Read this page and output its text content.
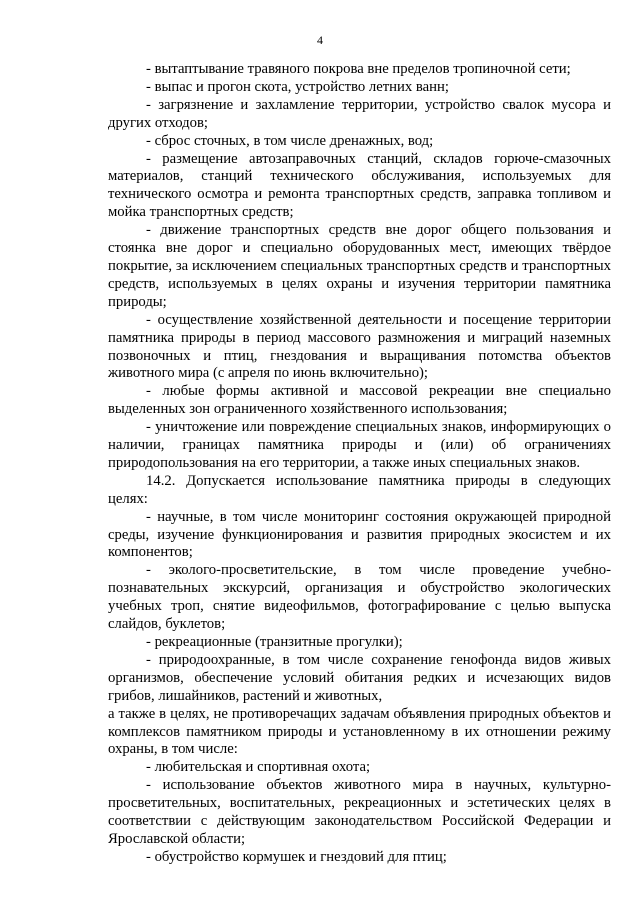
4

- вытаптывание травяного покрова вне пределов тропиночной сети;

- выпас и прогон скота, устройство летних ванн;

- загрязнение и захламление территории, устройство свалок мусора и других отходов;

- сброс сточных, в том числе дренажных, вод;

- размещение автозаправочных станций, складов горюче-смазочных материалов, станций технического обслуживания, используемых для технического осмотра и ремонта транспортных средств, заправка топливом и мойка транспортных средств;

- движение транспортных средств вне дорог общего пользования и стоянка вне дорог и специально оборудованных мест, имеющих твёрдое покрытие, за исключением специальных транспортных средств и транспортных средств, используемых в целях охраны и изучения территории памятника природы;

- осуществление хозяйственной деятельности и посещение территории памятника природы в период массового размножения и миграций наземных позвоночных и птиц, гнездования и выращивания потомства объектов животного мира (с апреля по июнь включительно);

- любые формы активной и массовой рекреации вне специально выделенных зон ограниченного хозяйственного использования;

- уничтожение или повреждение специальных знаков, информирующих о наличии, границах памятника природы и (или) об ограничениях природопользования на его территории, а также иных специальных знаков.

14.2. Допускается использование памятника природы в следующих целях:

- научные, в том числе мониторинг состояния окружающей природной среды, изучение функционирования и развития природных экосистем и их компонентов;

- эколого-просветительские, в том числе проведение учебно-познавательных экскурсий, организация и обустройство экологических учебных троп, снятие видеофильмов, фотографирование с целью выпуска слайдов, буклетов;

- рекреационные (транзитные прогулки);

- природоохранные, в том числе сохранение генофонда видов живых организмов, обеспечение условий обитания редких и исчезающих видов грибов, лишайников, растений и животных,

а также в целях, не противоречащих задачам объявления природных объектов и комплексов памятником природы и установленному в их отношении режиму охраны, в том числе:

- любительская и спортивная охота;

- использование объектов животного мира в научных, культурно-просветительных, воспитательных, рекреационных и эстетических целях в соответствии с действующим законодательством Российской Федерации и Ярославской области;

- обустройство кормушек и гнездовий для птиц;
